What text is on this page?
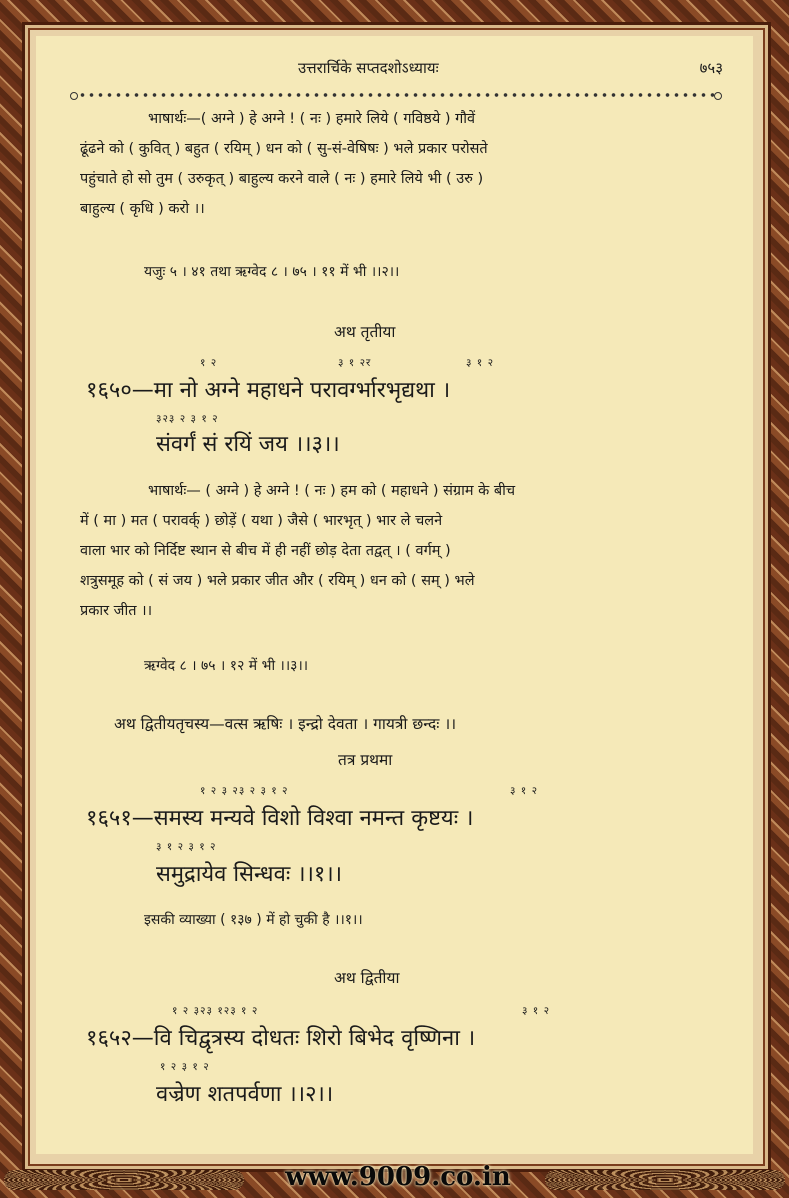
उत्तरार्चिके सप्तदशोऽध्यायः	७५३

भाषार्थः—( अग्ने ) हे अग्ने ! ( नः ) हमारे लिये ( गविष्ठये ) गौवें

ढूंढने को ( कुवित् ) बहुत ( रयिम् ) धन को ( सु-सं-वेषिषः ) भले प्रकार परोसते

पहुंचाते हो सो तुम ( उरुकृत् ) बाहुल्य करने वाले ( नः ) हमारे लिये भी ( उरु )

बाहुल्य ( कृधि ) करो ।।

यजुः ५ । ४१ तथा ऋग्वेद ८ । ७५ । ११ में भी ।।२।।
अथ तृतीया
१ २	३ १ २र	३ १ २
१६५०—मा नो अग्ने महाधने परावर्ग्भारभृद्यथा ।
३२३ २ ३ १ २
संवर्गं सं रयिं जय ।।३।।

भाषार्थः— ( अग्ने ) हे अग्ने ! ( नः ) हम को ( महाधने ) संग्राम के बीच

में ( मा ) मत ( परावर्क् ) छोड़ें ( यथा ) जैसे ( भारभृत् ) भार ले चलने

वाला भार को निर्दिष्ट स्थान से बीच में ही नहीं छोड़ देता तद्वत् । ( वर्गम् )

शत्रुसमूह को ( सं जय ) भले प्रकार जीत और ( रयिम् ) धन को ( सम् ) भले

प्रकार जीत ।।

ऋग्वेद ८ । ७५ । १२ में भी ।।३।।
अथ द्वितीयतृचस्य—वत्स ऋषिः । इन्द्रो देवता । गायत्री छन्दः ।।
तत्र प्रथमा
१ २ ३ २३ २ ३ १ २	३ १ २
१६५१—समस्य मन्यवे विशो विश्वा नमन्त कृष्टयः ।
३ १ २ ३ १ २
समुद्रायेव सिन्धवः ।।१।।
इसकी व्याख्या ( १३७ ) में हो चुकी है ।।१।।
अथ द्वितीया
१ २ ३२३ १२३ १ २	३ १ २
१६५२—वि चिद्वृत्रस्य दोधतः शिरो बिभेद वृष्णिना ।
१ २ ३ १ २
वज्रेण शतपर्वणा ।।२।।
www.9009.co.in
